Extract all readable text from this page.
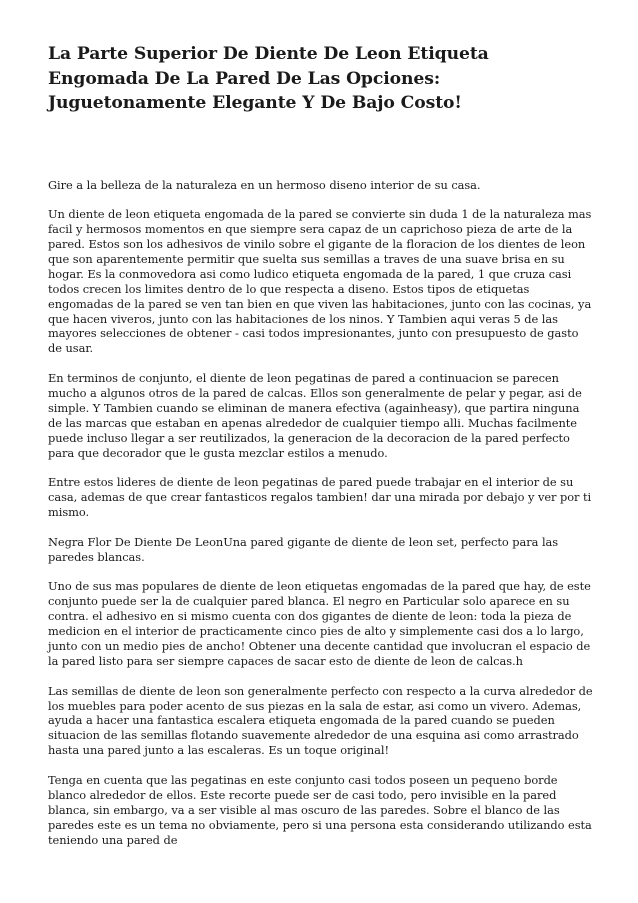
La Parte Superior De Diente De Leon Etiqueta Engomada De La Pared De Las Opciones: Juguetonamente Elegante Y De Bajo Costo!

Gire a la belleza de la naturaleza en un hermoso diseno interior de su casa.

Un diente de leon etiqueta engomada de la pared se convierte sin duda 1 de la naturaleza mas facil y hermosos momentos en que siempre sera capaz de un caprichoso pieza de arte de la pared. Estos son los adhesivos de vinilo sobre el gigante de la floracion de los dientes de leon que son aparentemente permitir que suelta sus semillas a traves de una suave brisa en su hogar. Es la conmovedora asi como ludico etiqueta engomada de la pared, 1 que cruza casi todos crecen los limites dentro de lo que respecta a diseno. Estos tipos de etiquetas engomadas de la pared se ven tan bien en que viven las habitaciones, junto con las cocinas, ya que hacen viveros, junto con las habitaciones de los ninos. Y Tambien aqui veras 5 de las mayores selecciones de obtener - casi todos impresionantes, junto con presupuesto de gasto de usar.

En terminos de conjunto, el diente de leon pegatinas de pared a continuacion se parecen mucho a algunos otros de la pared de calcas. Ellos son generalmente de pelar y pegar, asi de simple. Y Tambien cuando se eliminan de manera efectiva (againheasy), que partira ninguna de las marcas que estaban en apenas alrededor de cualquier tiempo alli. Muchas facilmente puede incluso llegar a ser reutilizados, la generacion de la decoracion de la pared perfecto para que decorador que le gusta mezclar estilos a menudo.

Entre estos lideres de diente de leon pegatinas de pared puede trabajar en el interior de su casa, ademas de que crear fantasticos regalos tambien! dar una mirada por debajo y ver por ti mismo.

Negra Flor De Diente De LeonUna pared gigante de diente de leon set, perfecto para las paredes blancas.

Uno de sus mas populares de diente de leon etiquetas engomadas de la pared que hay, de este conjunto puede ser la de cualquier pared blanca. El negro en Particular solo aparece en su contra. el adhesivo en si mismo cuenta con dos gigantes de diente de leon: toda la pieza de medicion en el interior de practicamente cinco pies de alto y simplemente casi dos a lo largo, junto con un medio pies de ancho! Obtener una decente cantidad que involucran el espacio de la pared listo para ser siempre capaces de sacar esto de diente de leon de calcas.h

Las semillas de diente de leon son generalmente perfecto con respecto a la curva alrededor de los muebles para poder acento de sus piezas en la sala de estar, asi como un vivero. Ademas, ayuda a hacer una fantastica escalera etiqueta engomada de la pared cuando se pueden situacion de las semillas flotando suavemente alrededor de una esquina asi como arrastrado hasta una pared junto a las escaleras. Es un toque original!

Tenga en cuenta que las pegatinas en este conjunto casi todos poseen un pequeno borde blanco alrededor de ellos. Este recorte puede ser de casi todo, pero invisible en la pared blanca, sin embargo, va a ser visible al mas oscuro de las paredes. Sobre el blanco de las paredes este es un tema no obviamente, pero si una persona esta considerando utilizando esta teniendo una pared de
